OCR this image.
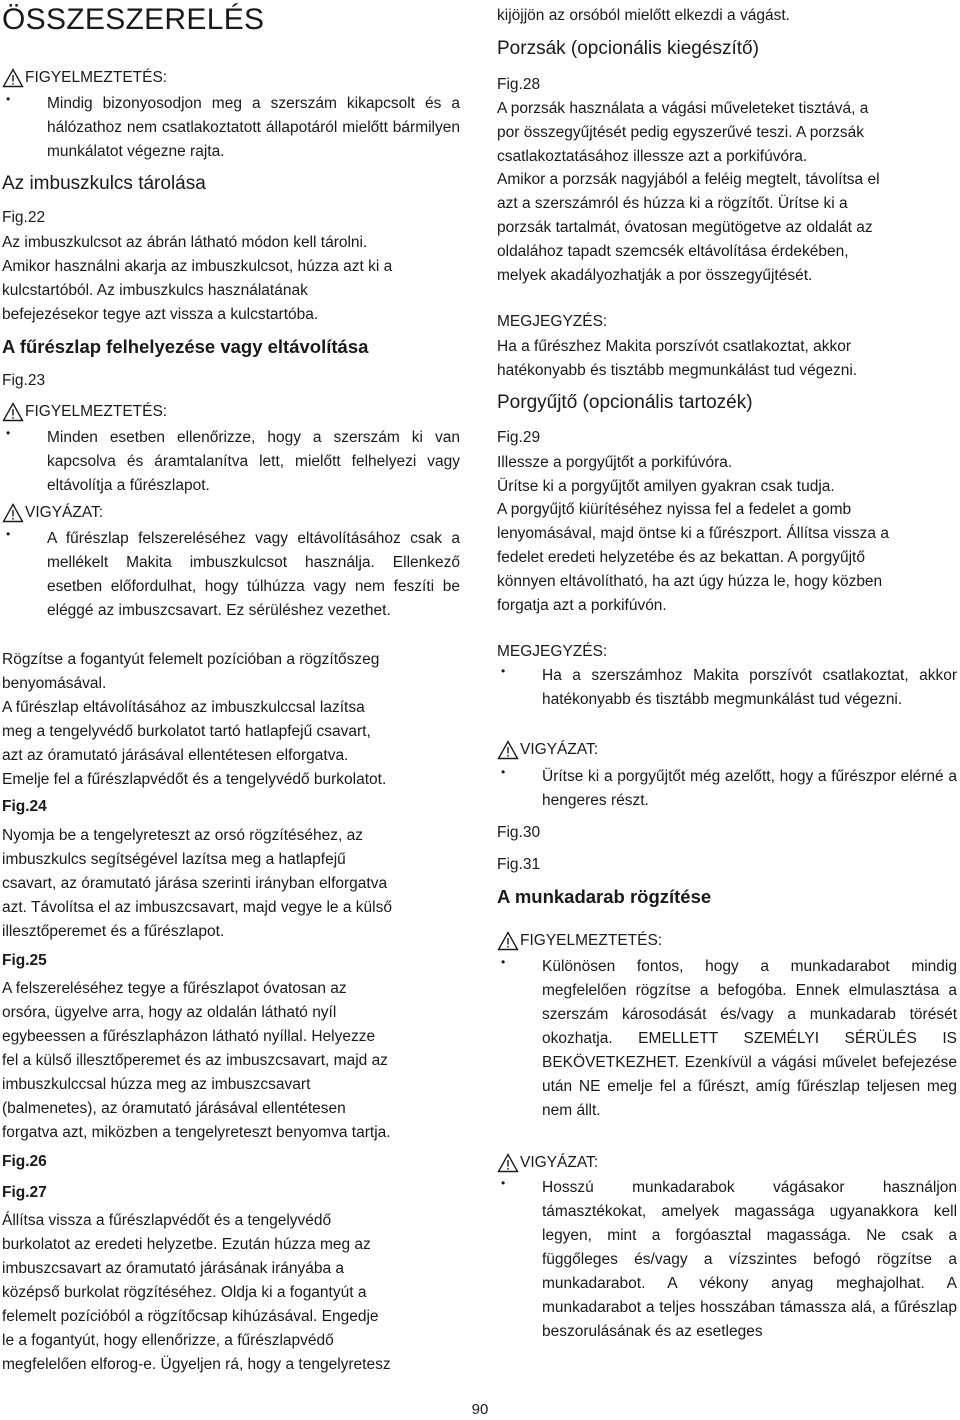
ÖSSZESZERELÉS
FIGYELMEZTETÉS:
• Mindig bizonyosodjon meg a szerszám kikapcsolt és a hálózathoz nem csatlakoztatott állapotáról mielőtt bármilyen munkálatot végezne rajta.
Az imbuszkulcs tárolása
Fig.22
Az imbuszkulcsot az ábrán látható módon kell tárolni.
Amikor használni akarja az imbuszkulcsot, húzza azt ki a
kulcstartóból. Az imbuszkulcs használatának
befejezésekor tegye azt vissza a kulcstartóba.
A fűrészlap felhelyezése vagy eltávolítása
Fig.23
FIGYELMEZTETÉS:
• Minden esetben ellenőrizze, hogy a szerszám ki van kapcsolva és áramtalanítva lett, mielőtt felhelyezi vagy eltávolítja a fűrészlapot.
VIGYÁZAT:
• A fűrészlap felszereléséhez vagy eltávolításához csak a mellékelt Makita imbuszkulcsot használja. Ellenkező esetben előfordulhat, hogy túlhúzza vagy nem feszíti be eléggé az imbuszcsavart. Ez sérüléshez vezethet.
Rögzítse a fogantyút felemelt pozícióban a rögzítőszeg
benyomásával.
A fűrészlap eltávolításához az imbuszkulccsal lazítsa
meg a tengelyvédő burkolatot tartó hatlapfejű csavart,
azt az óramutató járásával ellentétesen elforgatva.
Emelje fel a fűrészlapvédőt és a tengelyvédő burkolatot.
Fig.24
Nyomja be a tengelyreteszt az orsó rögzítéséhez, az
imbuszkulcs segítségével lazítsa meg a hatlapfejű
csavart, az óramutató járása szerinti irányban elforgatva
azt. Távolítsa el az imbuszcsavart, majd vegye le a külső
illesztőperemet és a fűrészlapot.
Fig.25
A felszereléséhez tegye a fűrészlapot óvatosan az
orsóra, ügyelve arra, hogy az oldalán látható nyíl
egybeessen a fűrészlapházon látható nyíllal. Helyezze
fel a külső illesztőperemet és az imbuszcsavart, majd az
imbuszkulccsal húzza meg az imbuszcsavart
(balmenetes), az óramutató járásával ellentétesen
forgatva azt, miközben a tengelyreteszt benyomva tartja.
Fig.26
Fig.27
Állítsa vissza a fűrészlapvédőt és a tengelyvédő
burkolatot az eredeti helyzetbe. Ezután húzza meg az
imbuszcsavart az óramutató járásának irányába a
középső burkolat rögzítéséhez. Oldja ki a fogantyút a
felemelt pozícióból a rögzítőcsap kihúzásával. Engedje
le a fogantyút, hogy ellenőrizze, a fűrészlapvédő
megfelelően elforog-e. Ügyeljen rá, hogy a tengelyretesz
kijöjjön az orsóból mielőtt elkezdi a vágást.
Porzsák (opcionális kiegészítő)
Fig.28
A porzsák használata a vágási műveleteket tisztává, a
por összegyűjtését pedig egyszerűvé teszi. A porzsák
csatlakoztatásához illessze azt a porkifúvóra.
Amikor a porzsák nagyjából a feléig megtelt, távolítsa el
azt a szerszámról és húzza ki a rögzítőt. Ürítse ki a
porzsák tartalmát, óvatosan megütögetve az oldalát az
oldalához tapadt szemcsék eltávolítása érdekében,
melyek akadályozhatják a por összegyűjtését.
MEGJEGYZÉS:
Ha a fűrészhez Makita porszívót csatlakoztat, akkor
hatékonyabb és tisztább megmunkálást tud végezni.
Porgyűjtő (opcionális tartozék)
Fig.29
Illessze a porgyűjtőt a porkifúvóra.
Ürítse ki a porgyűjtőt amilyen gyakran csak tudja.
A porgyűjtő kiürítéséhez nyissa fel a fedelet a gomb
lenyomásával, majd öntse ki a fűrészport. Állítsa vissza a
fedelet eredeti helyzetébe és az bekattan. A porgyűjtő
könnyen eltávolítható, ha azt úgy húzza le, hogy közben
forgatja azt a porkifúvón.
MEGJEGYZÉS:
• Ha a szerszámhoz Makita porszívót csatlakoztat, akkor hatékonyabb és tisztább megmunkálást tud végezni.
VIGYÁZAT:
• Ürítse ki a porgyűjtőt még azelőtt, hogy a fűrészpor elérné a hengeres részt.
Fig.30
Fig.31
A munkadarab rögzítése
FIGYELMEZTETÉS:
• Különösen fontos, hogy a munkadarabot mindig megfelelően rögzítse a befogóba. Ennek elmulasztása a szerszám károsodását és/vagy a munkadarab törését okozhatja. EMELLETT SZEMÉLYI SÉRÜLÉS IS BEKÖVETKEZHET. Ezenkívül a vágási művelet befejezése után NE emelje fel a fűrészt, amíg fűrészlap teljesen meg nem állt.
VIGYÁZAT:
• Hosszú munkadarabok vágásakor használjon támasztékokat, amelyek magassága ugyanakkora kell legyen, mint a forgóasztal magassága. Ne csak a függőleges és/vagy a vízszintes befogó rögzítse a munkadarabot. A vékony anyag meghajolhat. A munkadarabot a teljes hosszában támassza alá, a fűrészlap beszorulásának és az esetleges
90
